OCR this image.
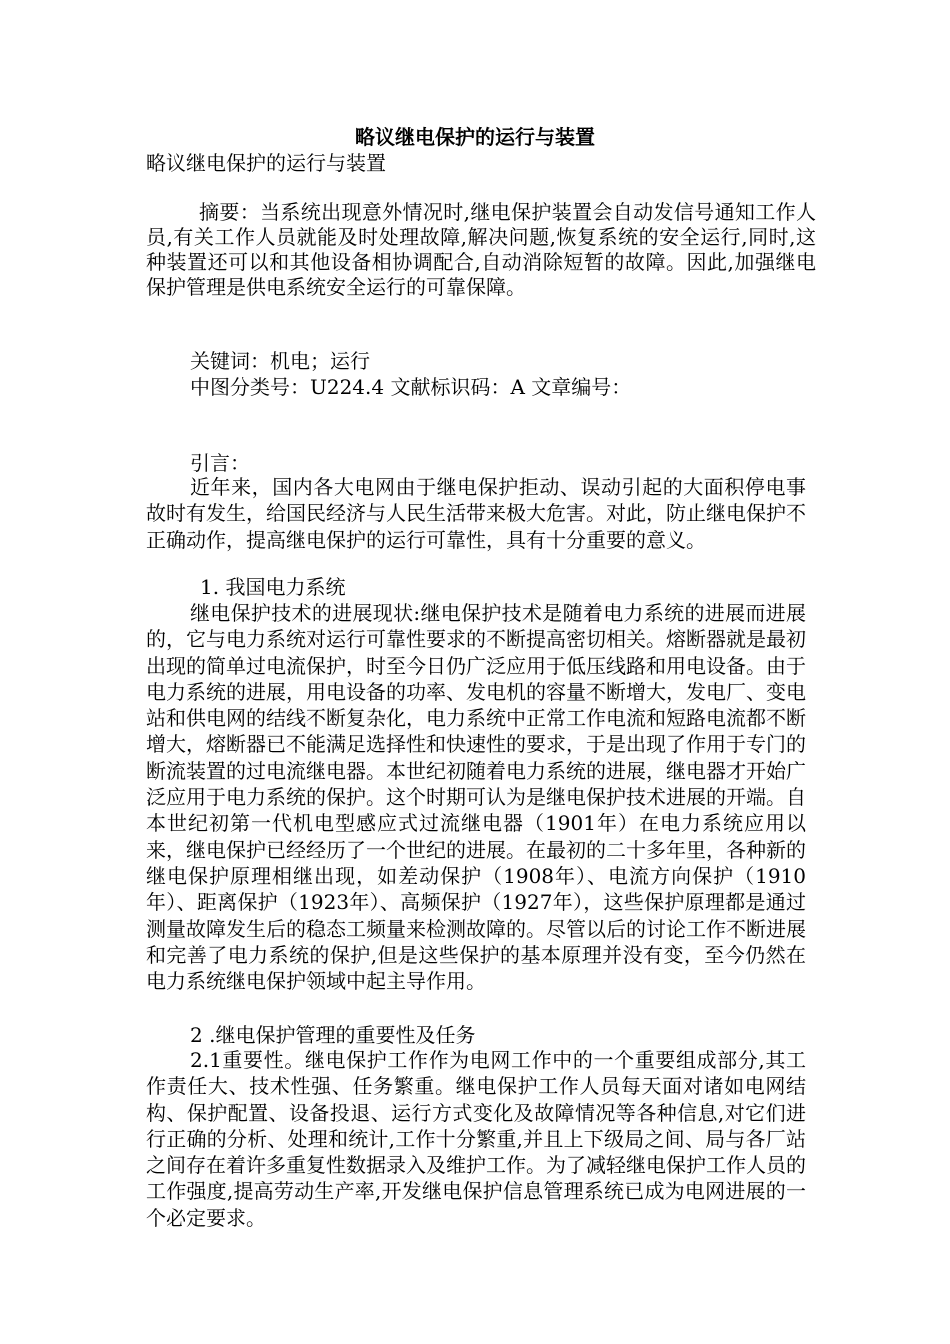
略议继电保护的运行与装置
略议继电保护的运行与装置
摘要：当系统出现意外情况时,继电保护装置会自动发信号通知工作人员,有关工作人员就能及时处理故障,解决问题,恢复系统的安全运行,同时,这种装置还可以和其他设备相协调配合,自动消除短暂的故障。因此,加强继电保护管理是供电系统安全运行的可靠保障。
关键词：机电；运行
中图分类号：U224.4 文献标识码：A 文章编号：
引言：
近年来，国内各大电网由于继电保护拒动、误动引起的大面积停电事故时有发生，给国民经济与人民生活带来极大危害。对此，防止继电保护不正确动作，提高继电保护的运行可靠性，具有十分重要的意义。
1. 我国电力系统
继电保护技术的进展现状:继电保护技术是随着电力系统的进展而进展的，它与电力系统对运行可靠性要求的不断提高密切相关。熔断器就是最初出现的简单过电流保护，时至今日仍广泛应用于低压线路和用电设备。由于电力系统的进展，用电设备的功率、发电机的容量不断增大，发电厂、变电站和供电网的结线不断复杂化，电力系统中正常工作电流和短路电流都不断增大，熔断器已不能满足选择性和快速性的要求，于是出现了作用于专门的断流装置的过电流继电器。本世纪初随着电力系统的进展，继电器才开始广泛应用于电力系统的保护。这个时期可认为是继电保护技术进展的开端。自本世纪初第一代机电型感应式过流继电器（1901年）在电力系统应用以来，继电保护已经经历了一个世纪的进展。在最初的二十多年里，各种新的继电保护原理相继出现，如差动保护（1908年）、电流方向保护（1910年）、距离保护（1923年）、高频保护（1927年），这些保护原理都是通过测量故障发生后的稳态工频量来检测故障的。尽管以后的讨论工作不断进展和完善了电力系统的保护,但是这些保护的基本原理并没有变，至今仍然在电力系统继电保护领域中起主导作用。
2 .继电保护管理的重要性及任务
2.1重要性。继电保护工作作为电网工作中的一个重要组成部分,其工作责任大、技术性强、任务繁重。继电保护工作人员每天面对诸如电网结构、保护配置、设备投退、运行方式变化及故障情况等各种信息,对它们进行正确的分析、处理和统计,工作十分繁重,并且上下级局之间、局与各厂站之间存在着许多重复性数据录入及维护工作。为了减轻继电保护工作人员的工作强度,提高劳动生产率,开发继电保护信息管理系统已成为电网进展的一个必定要求。
